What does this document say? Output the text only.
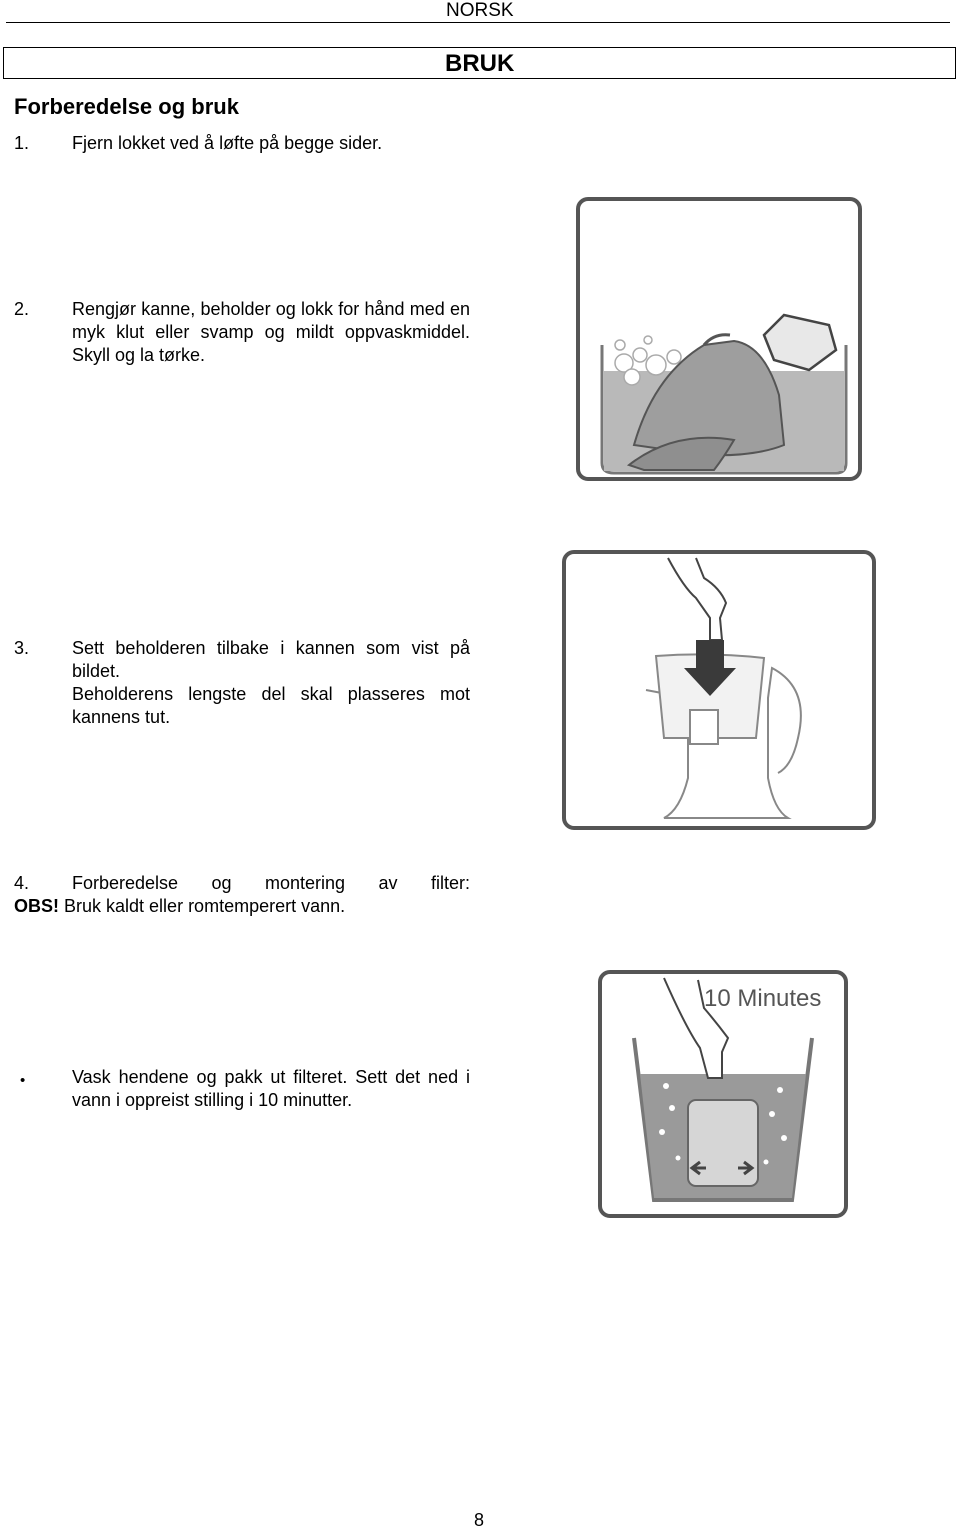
NORSK
BRUK
Forberedelse og bruk
1. Fjern lokket ved å løfte på begge sider.
2. Rengjør kanne, beholder og lokk for hånd med en myk klut eller svamp og mildt oppvaskmiddel. Skyll og la tørke.
3. Sett beholderen tilbake i kannen som vist på bildet.
Beholderens lengste del skal plasseres mot kannens tut.
4. Forberedelse og montering av filter:
OBS! Bruk kaldt eller romtemperert vann.
•	Vask hendene og pakk ut filteret. Sett det ned i vann i oppreist stilling i 10 minutter.
10 Minutes
8
